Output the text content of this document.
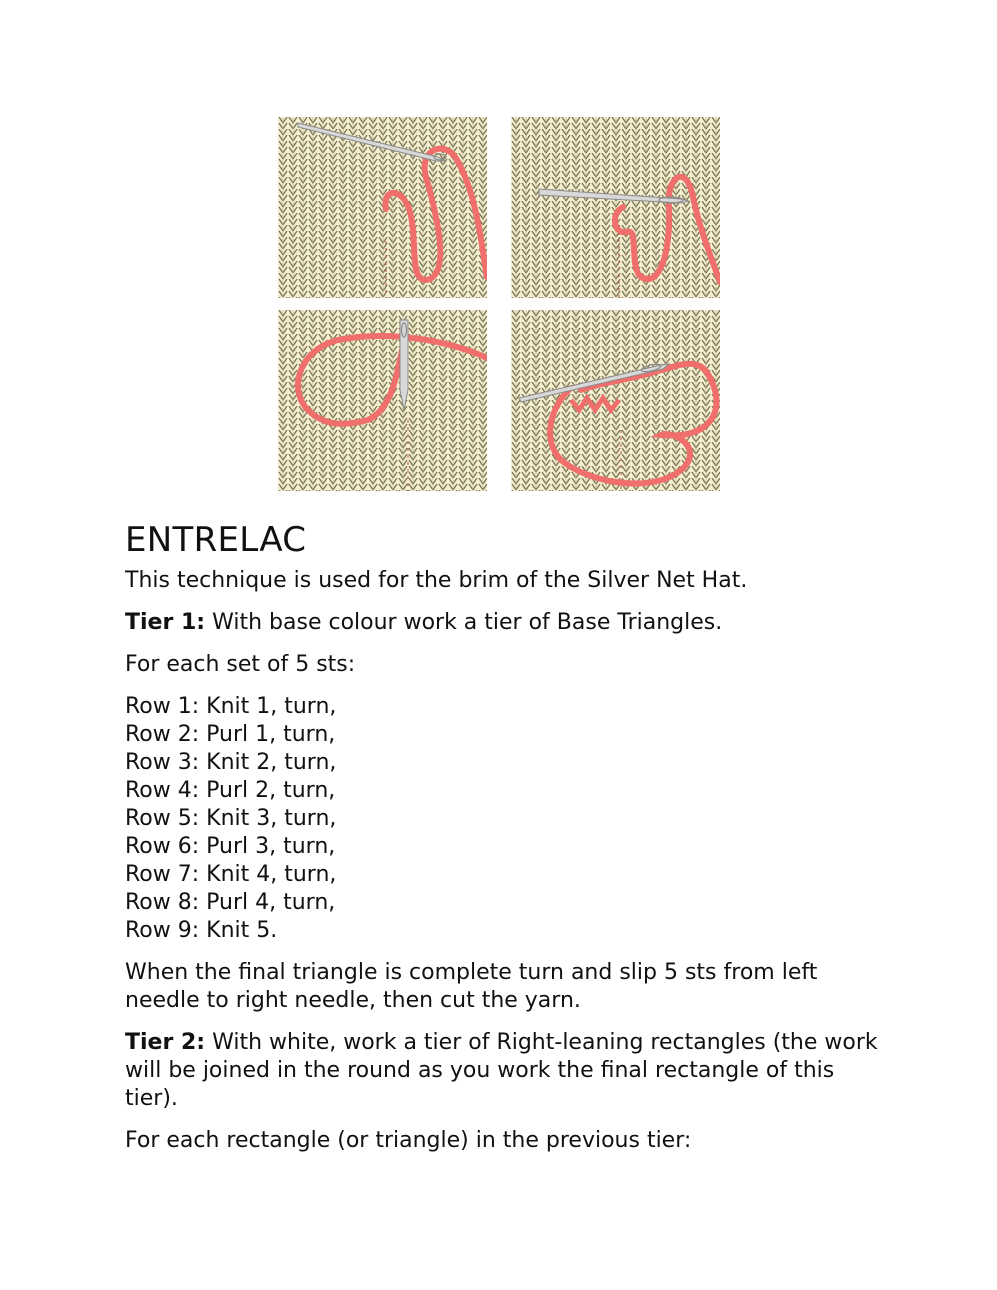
ENTRELAC

This technique is used for the brim of the Silver Net Hat.

Tier 1: With base colour work a tier of Base Triangles.

For each set of 5 sts:

Row 1: Knit 1, turn,
Row 2: Purl 1, turn,
Row 3: Knit 2, turn,
Row 4: Purl 2, turn,
Row 5: Knit 3, turn,
Row 6: Purl 3, turn,
Row 7: Knit 4, turn,
Row 8: Purl 4, turn,
Row 9: Knit 5.

When the final triangle is complete turn and slip 5 sts from left needle to right needle, then cut the yarn.

Tier 2: With white, work a tier of Right-leaning rectangles (the work will be joined in the round as you work the final rectangle of this tier).

For each rectangle (or triangle) in the previous tier:
